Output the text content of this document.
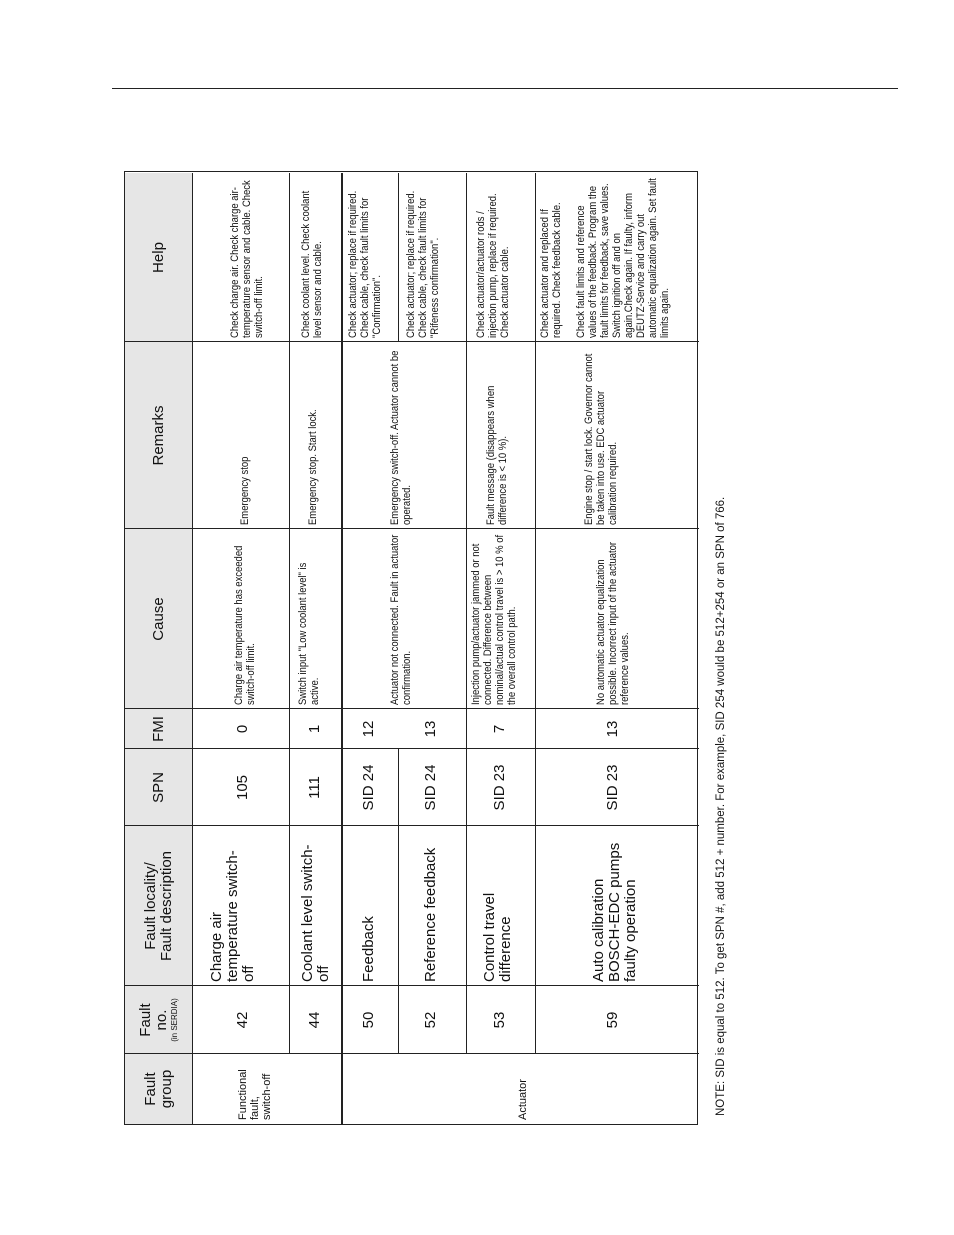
Fault
group
Fault
no. (in SERDIA)
Fault locality/
Fault description
SPN
FMI
Cause
Remarks
Help
Functional
fault,
switch-off	Actuator
42
Charge air
temperature switch-
off
105
0
Charge air temperature has exceeded switch-off limit.
Emergency stop
Check charge air. Check charge air-temperature sensor and cable. Check switch-off limit.
44
Coolant level switch-
off
111
1
Switch input "Low coolant level" is active.
Emergency stop. Start lock.
Check coolant level. Check coolant level sensor and cable.
50
Feedback
SID 24
12
Check actuator; replace if required. Check cable, check fault limits for "Confirmation".
52
Reference feedback
SID 24
13
Check actuator; replace if required. Check cable, check fault limits for "Rifeness confirmation".
Actuator not connected. Fault in actuator confirmation.
Emergency switch-off. Actuator cannot be operated.
53
Control travel
difference
SID 23
7
Injection pump/actuator jammed or not connected. Difference between nominal/actual control travel is > 10 % of the overall control path.
Fault message (disappears when difference is < 10 %).
Check actuator/actuator rods / injection pump, replace if required. Check actuator cable.
59
Auto calibration
BOSCH-EDC pumps
faulty operation
SID 23
13
No automatic actuator equalization possible. Incorrect input of the actuator reference values.
Engine stop / start lock. Governor cannot be taken into use. EDC actuator calibration required.
Check actuator and replaced If required. Check feedback cable. Check fault limits and reference values of the feedback. Program the fault limits for feedback, save values. Switch ignition off and on again.Check again. If faulty, inform DEUTZ-Service and carry out automatic equalization again. Set fault limits again.
NOTE: SID is equal to 512. To get SPN #, add 512 + number. For example, SID 254 would be 512+254 or an SPN of 766.
